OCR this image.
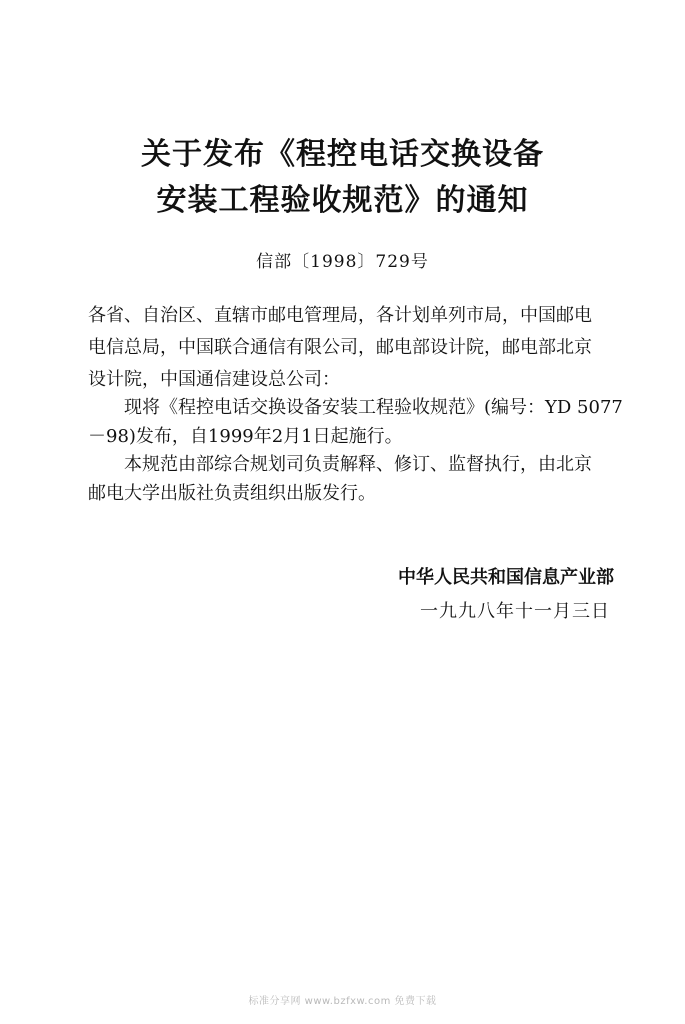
关于发布《程控电话交换设备
安装工程验收规范》的通知
信部〔1998〕729号
各省、自治区、直辖市邮电管理局，各计划单列市局，中国邮电
电信总局，中国联合通信有限公司，邮电部设计院，邮电部北京
设计院，中国通信建设总公司：
现将《程控电话交换设备安装工程验收规范》(编号：YD 5077
－98)发布，自1999年2月1日起施行。
本规范由部综合规划司负责解释、修订、监督执行，由北京
邮电大学出版社负责组织出版发行。
中华人民共和国信息产业部
一九九八年十一月三日
标准分享网 www.bzfxw.com 免费下载
